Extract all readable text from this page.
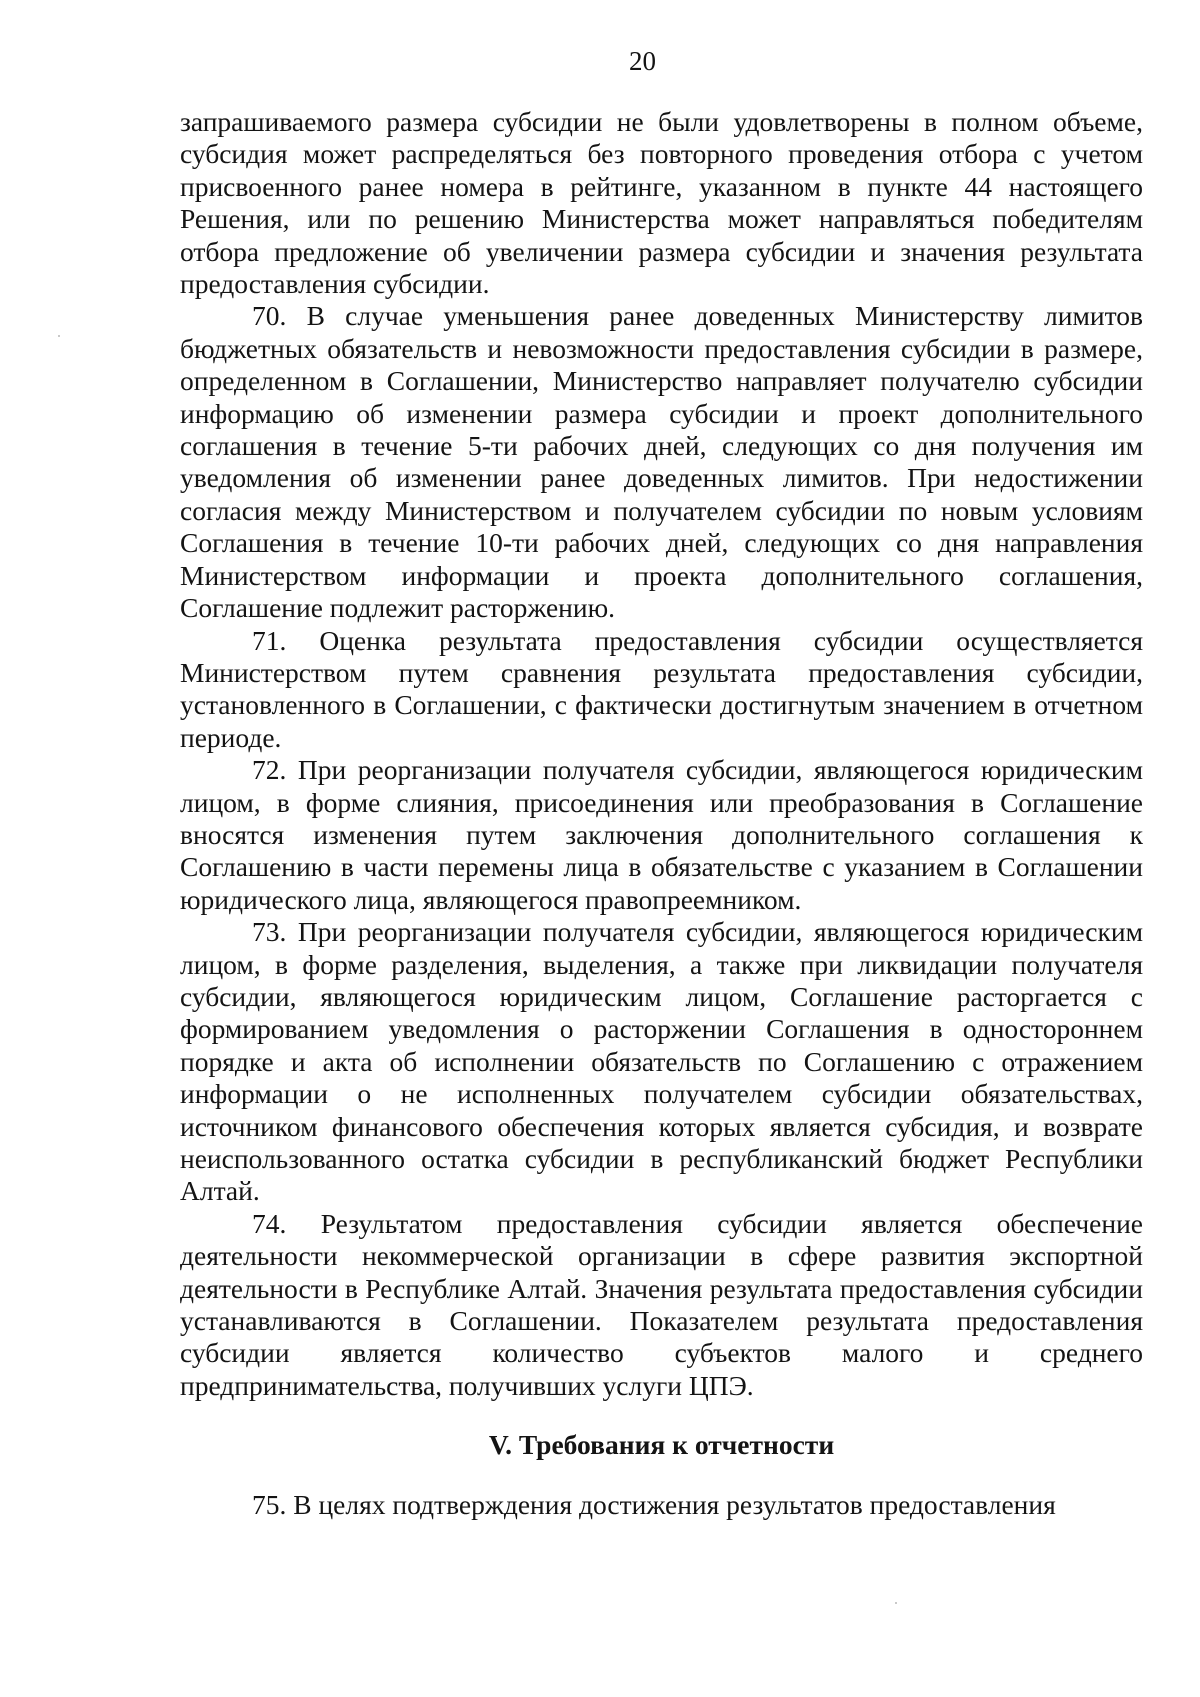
20

запрашиваемого размера субсидии не были удовлетворены в полном объеме, субсидия может распределяться без повторного проведения отбора с учетом присвоенного ранее номера в рейтинге, указанном в пункте 44 настоящего Решения, или по решению Министерства может направляться победителям отбора предложение об увеличении размера субсидии и значения результата предоставления субсидии.

70. В случае уменьшения ранее доведенных Министерству лимитов бюджетных обязательств и невозможности предоставления субсидии в размере, определенном в Соглашении, Министерство направляет получателю субсидии информацию об изменении размера субсидии и проект дополнительного соглашения в течение 5-ти рабочих дней, следующих со дня получения им уведомления об изменении ранее доведенных лимитов. При недостижении согласия между Министерством и получателем субсидии по новым условиям Соглашения в течение 10-ти рабочих дней, следующих со дня направления Министерством информации и проекта дополнительного соглашения, Соглашение подлежит расторжению.

71. Оценка результата предоставления субсидии осуществляется Министерством путем сравнения результата предоставления субсидии, установленного в Соглашении, с фактически достигнутым значением в отчетном периоде.

72. При реорганизации получателя субсидии, являющегося юридическим лицом, в форме слияния, присоединения или преобразования в Соглашение вносятся изменения путем заключения дополнительного соглашения к Соглашению в части перемены лица в обязательстве с указанием в Соглашении юридического лица, являющегося правопреемником.

73. При реорганизации получателя субсидии, являющегося юридическим лицом, в форме разделения, выделения, а также при ликвидации получателя субсидии, являющегося юридическим лицом, Соглашение расторгается с формированием уведомления о расторжении Соглашения в одностороннем порядке и акта об исполнении обязательств по Соглашению с отражением информации о не исполненных получателем субсидии обязательствах, источником финансового обеспечения которых является субсидия, и возврате неиспользованного остатка субсидии в республиканский бюджет Республики Алтай.

74. Результатом предоставления субсидии является обеспечение деятельности некоммерческой организации в сфере развития экспортной деятельности в Республике Алтай. Значения результата предоставления субсидии устанавливаются в Соглашении. Показателем результата предоставления субсидии является количество субъектов малого и среднего предпринимательства, получивших услуги ЦПЭ.

V. Требования к отчетности

75. В целях подтверждения достижения результатов предоставления
